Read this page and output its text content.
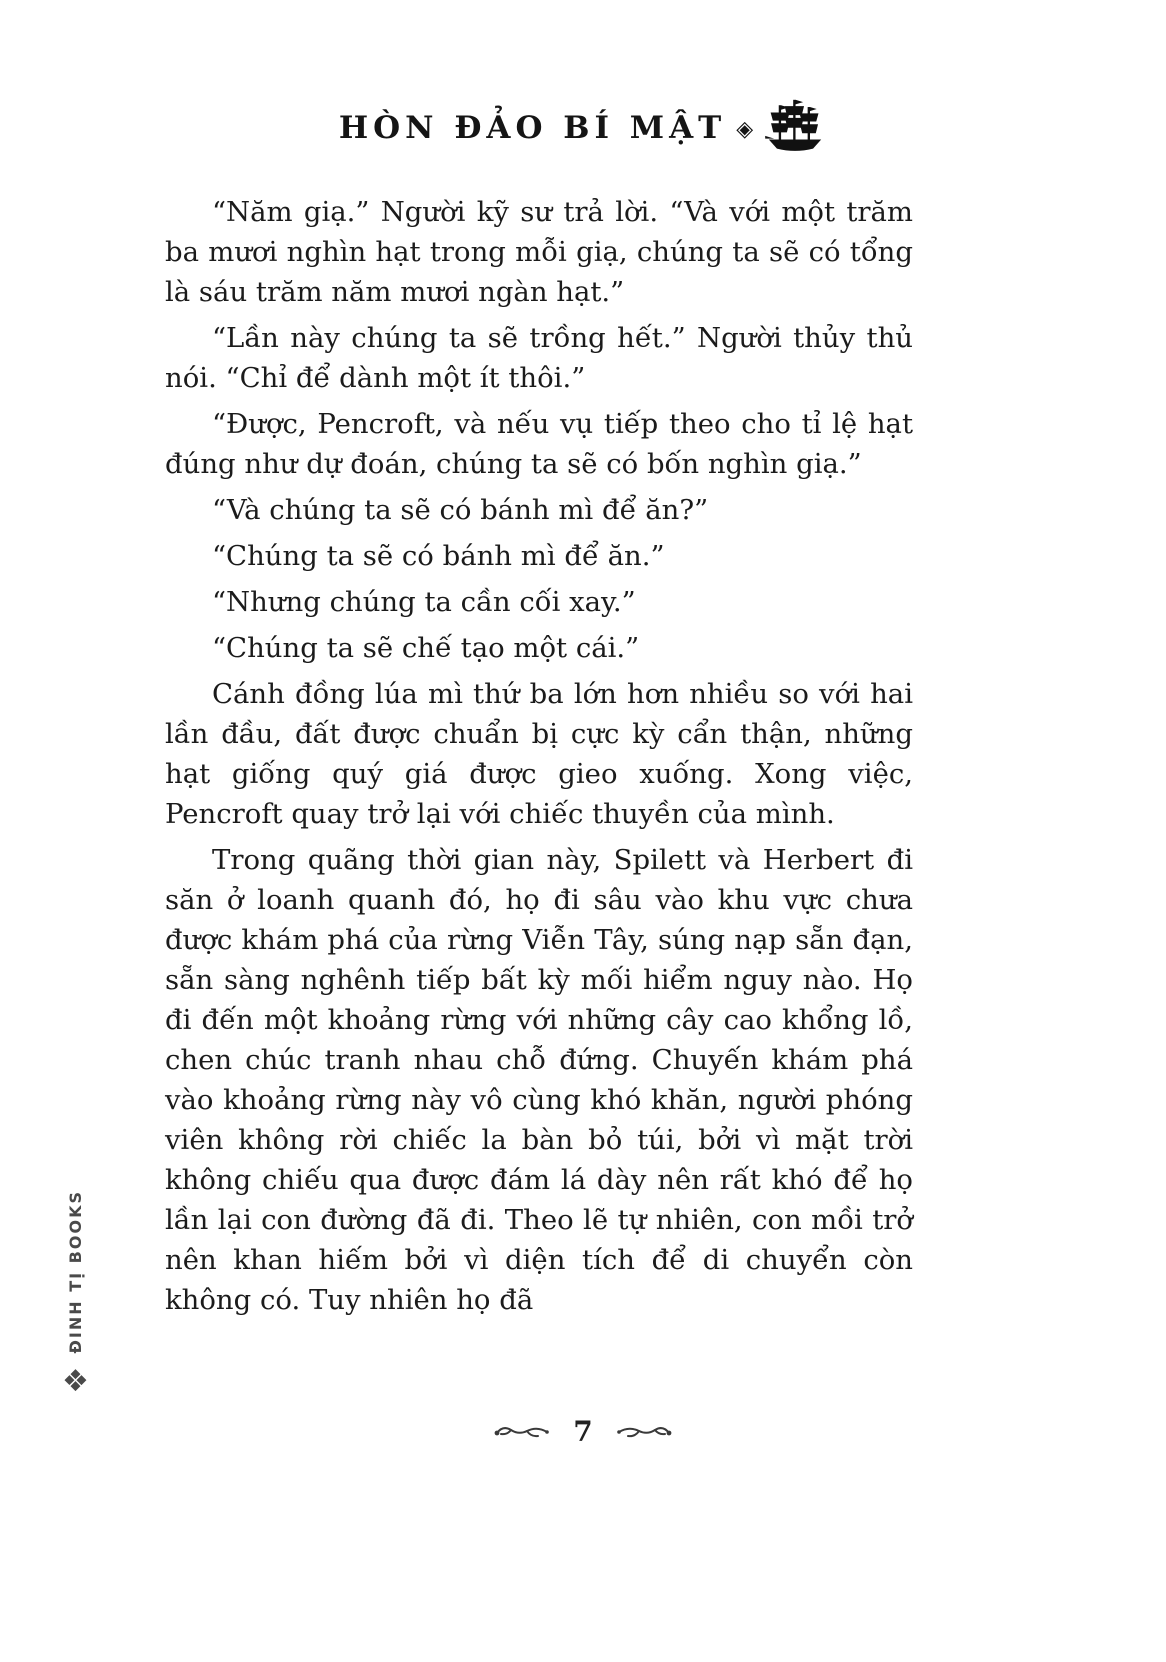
HÒN ĐẢO BÍ MẬT ◈

“Năm giạ.” Người kỹ sư trả lời. “Và với một trăm ba mươi nghìn hạt trong mỗi giạ, chúng ta sẽ có tổng là sáu trăm năm mươi ngàn hạt.”

“Lần này chúng ta sẽ trồng hết.” Người thủy thủ nói. “Chỉ để dành một ít thôi.”

“Được, Pencroft, và nếu vụ tiếp theo cho tỉ lệ hạt đúng như dự đoán, chúng ta sẽ có bốn nghìn giạ.”

“Và chúng ta sẽ có bánh mì để ăn?”

“Chúng ta sẽ có bánh mì để ăn.”

“Nhưng chúng ta cần cối xay.”

“Chúng ta sẽ chế tạo một cái.”

Cánh đồng lúa mì thứ ba lớn hơn nhiều so với hai lần đầu, đất được chuẩn bị cực kỳ cẩn thận, những hạt giống quý giá được gieo xuống. Xong việc, Pencroft quay trở lại với chiếc thuyền của mình.

Trong quãng thời gian này, Spilett và Herbert đi săn ở loanh quanh đó, họ đi sâu vào khu vực chưa được khám phá của rừng Viễn Tây, súng nạp sẵn đạn, sẵn sàng nghênh tiếp bất kỳ mối hiểm nguy nào. Họ đi đến một khoảng rừng với những cây cao khổng lồ, chen chúc tranh nhau chỗ đứng. Chuyến khám phá vào khoảng rừng này vô cùng khó khăn, người phóng viên không rời chiếc la bàn bỏ túi, bởi vì mặt trời không chiếu qua được đám lá dày nên rất khó để họ lần lại con đường đã đi. Theo lẽ tự nhiên, con mồi trở nên khan hiếm bởi vì diện tích để di chuyển còn không có. Tuy nhiên họ đã

7
ĐINH TỊ BOOKS
❖
